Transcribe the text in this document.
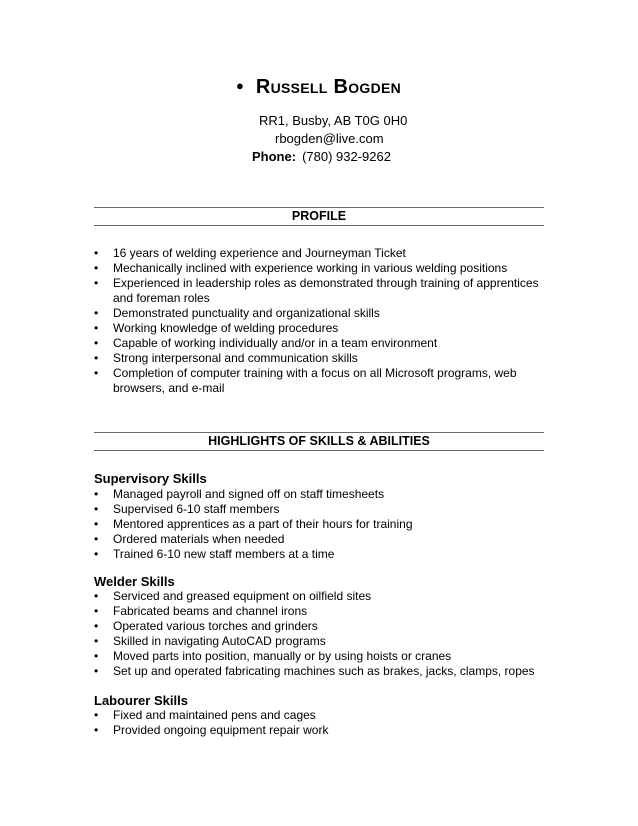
● Russell Bogden
RR1, Busby, AB T0G 0H0
rbogden@live.com
Phone: (780) 932-9262
PROFILE
• 16 years of welding experience and Journeyman Ticket
• Mechanically inclined with experience working in various welding positions
• Experienced in leadership roles as demonstrated through training of apprentices and foreman roles
• Demonstrated punctuality and organizational skills
• Working knowledge of welding procedures
• Capable of working individually and/or in a team environment
• Strong interpersonal and communication skills
• Completion of computer training with a focus on all Microsoft programs, web browsers, and e-mail
HIGHLIGHTS OF SKILLS & ABILITIES
Supervisory Skills
• Managed payroll and signed off on staff timesheets
• Supervised 6-10 staff members
• Mentored apprentices as a part of their hours for training
• Ordered materials when needed
• Trained 6-10 new staff members at a time
Welder Skills
• Serviced and greased equipment on oilfield sites
• Fabricated beams and channel irons
• Operated various torches and grinders
• Skilled in navigating AutoCAD programs
• Moved parts into position, manually or by using hoists or cranes
• Set up and operated fabricating machines such as brakes, jacks, clamps, ropes
Labourer Skills
• Fixed and maintained pens and cages
• Provided ongoing equipment repair work
